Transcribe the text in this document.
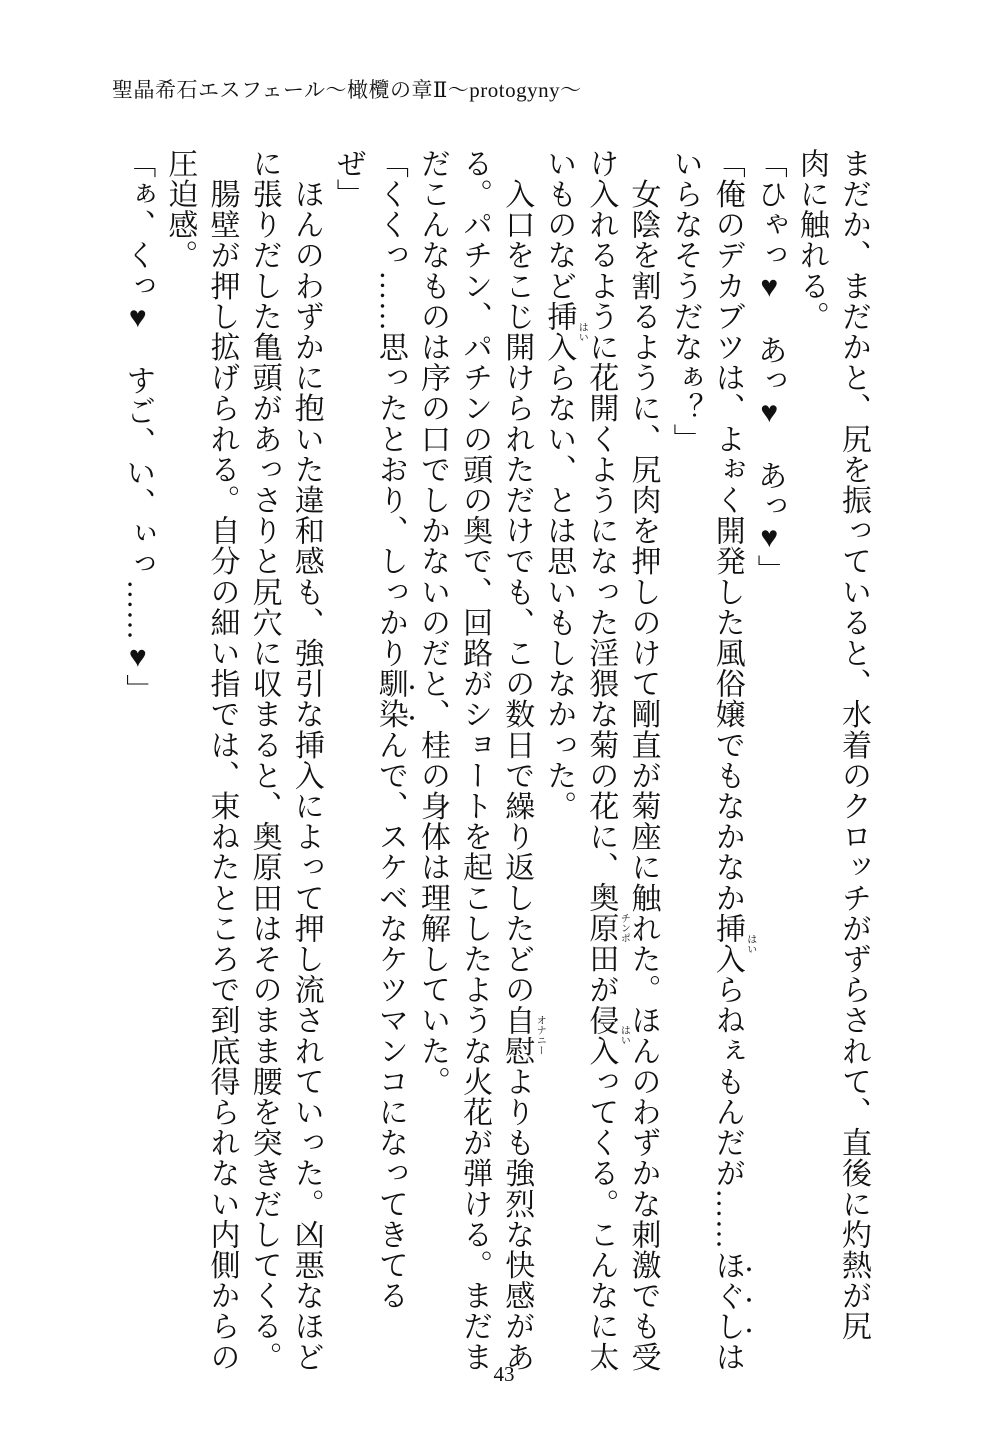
聖晶希石エスフェール〜橄欖の章Ⅱ〜protogyny〜
まだか、まだかと、尻を振っていると、水着のクロッチがずらされて、直後に灼熱が尻
肉に触れる。
「ひゃっ♥　あっ♥　あっ♥」
「俺のデカブツは、よぉく開発した風俗嬢でもなかなか挿入 はい
らねぇもんだが……ほぐしは
いらなそうだなぁ？」
　女陰を割るように、尻肉を押しのけて剛直が菊座に触れた。ほんのわずかな刺激でも受
け入れるように花開くようになった淫猥な菊の花に、奥原田 チンポ
が侵入 はい
ってくる。こんなに太
いものなど挿入 はい
らない、とは思いもしなかった。
　入口をこじ開けられただけでも、この数日で繰り返したどの自慰 オナニー
よりも強烈な快感があ
る。パチン、パチンの頭の奥で、回路がショートを起こしたような火花が弾ける。まだま
だこんなものは序の口でしかないのだと、桂の身体は理解していた。
「くくっ……思ったとおり、しっかり馴染んで、スケベなケツマンコになってきてる
ぜ」
　ほんのわずかに抱いた違和感も、強引な挿入によって押し流されていった。凶悪なほど
に張りだした亀頭があっさりと尻穴に収まると、奥原田はそのまま腰を突きだしてくる。
　腸壁が押し拡げられる。自分の細い指では、束ねたところで到底得られない内側からの
圧迫感。
「ぁ、くっ♥　すご、い、ぃっ……♥」
43
